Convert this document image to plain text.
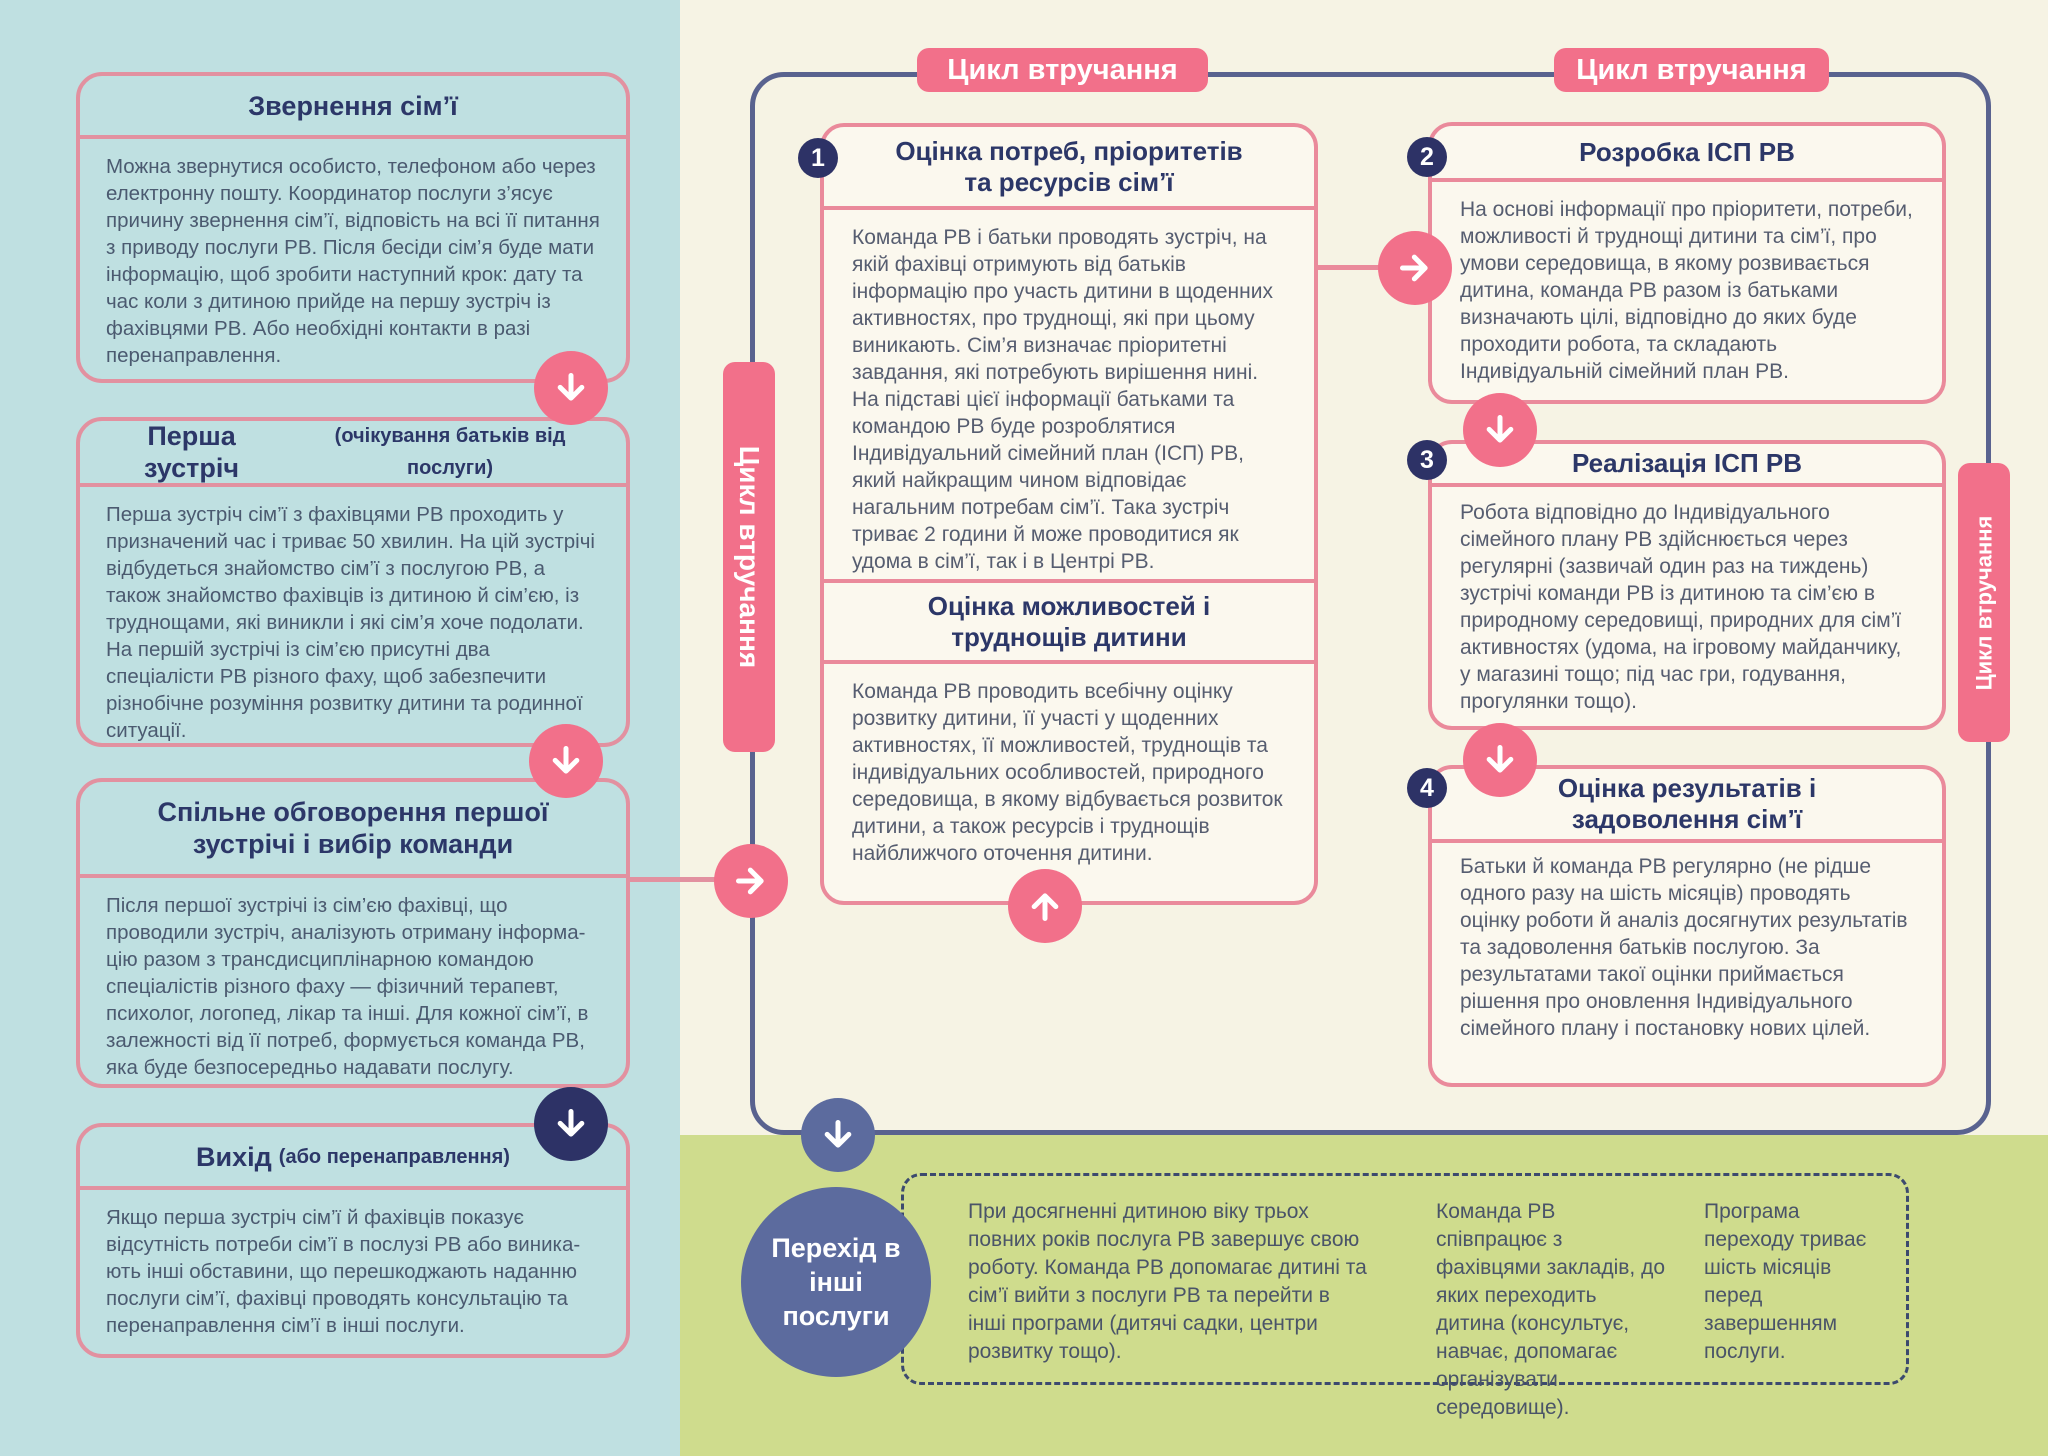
Звернення сім’ї
Можна звернутися особисто, телефоном або через електронну пошту. Координатор послуги з’ясує причину звернення сім’ї, відповість на всі її питання з приводу послуги РВ. Після бесіди сім’я буде мати інформацію, щоб зробити наступний крок: дату та час коли з дитиною прийде на першу зустріч із фахівцями РВ. Або необхідні контакти в разі перенаправлення.
Перша зустріч
(очікування батьків від послуги)
Перша зустріч сім’ї з фахівцями РВ проходить у призначений час і триває 50 хвилин. На цій зустрічі відбудеться знайомство сім’ї з послугою РВ, а також знайомство фахівців із дитиною й сім’єю, із труднощами, які виникли і які сім’я хоче подолати. На першій зустрічі із сім’єю присутні два спеціалісти РВ різного фаху, щоб забезпечити різнобічне розуміння розвитку дитини та родинної ситуації.
Спільне обговорення першої зустрічі і вибір команди
Після першої зустрічі із сім’єю фахівці, що проводили зустріч, аналізують отриману інформа-цію разом з трансдисциплінарною командою спеціалістів різного фаху — фізичний терапевт, психолог, логопед, лікар та інші. Для кожної сім’ї, в залежності від її потреб, формується команда РВ, яка буде безпосередньо надавати послугу.
Вихід (або перенаправлення)
Якщо перша зустріч сім’ї й фахівців показує відсутність потреби сім’ї в послузі РВ або виника-ють інші обставини, що перешкоджають наданню послуги сім’ї, фахівці проводять консультацію та перенаправлення сім’ї в інші послуги.
Цикл втручання	Цикл втручання
Цикл втручання	Цикл втручання
Оцінка потреб, пріоритетів та ресурсів сім’ї
Команда РВ і батьки проводять зустріч, на якій фахівці отримують від батьків інформацію про участь дитини в щоденних активностях, про труднощі, які при цьому виникають. Сім’я визначає пріоритетні завдання, які потребують вирішення нині. На підставі цієї інформації батьками та командою РВ буде розроблятися Індивідуальний сімейний план (ІСП) РВ, який найкращим чином відповідає нагальним потребам сім’ї. Така зустріч триває 2 години й може проводитися як удома в сім’ї, так і в Центрі РВ.
Оцінка можливостей і труднощів дитини
Команда РВ проводить всебічну оцінку розвитку дитини, її участі у щоденних активностях, її можливостей, труднощів та індивідуальних особливостей, природного середовища, в якому відбувається розвиток дитини, а також ресурсів і труднощів найближчого оточення дитини.
Розробка ІСП РВ
На основі інформації про пріоритети, потреби, можливості й труднощі дитини та сім’ї, про умови середовища, в якому розвивається дитина, команда РВ разом із батьками визначають цілі, відповідно до яких буде проходити робота, та складають Індивідуальній сімейний план РВ.
Реалізація ІСП РВ
Робота відповідно до Індивідуального сімейного плану РВ здійснюється через регулярні (зазвичай один раз на тиждень) зустрічі команди РВ із дитиною та сім’єю в природному середовищі, природних для сім’ї активностях (удома, на ігровому майданчику, у магазині тощо; під час гри, годування, прогулянки тощо).
Оцінка результатів і задоволення сім’ї
Батьки й команда РВ регулярно (не рідше одного разу на шість місяців) проводять оцінку роботи й аналіз досягнутих результатів та задоволення батьків послугою. За результатами такої оцінки приймається рішення про оновлення Індивідуального сімейного плану і постановку нових цілей.
1	2
3
4
При досягненні дитиною віку трьох повних років послуга РВ завершує свою роботу. Команда РВ допомагає дитині та сім’ї вийти з послуги РВ та перейти в інші програми (дитячі садки, центри розвитку тощо).
Команда РВ співпрацює з фахівцями закладів, до яких переходить дитина (консультує, навчає, допомагає організувати середовище).
Програма переходу триває шість місяців перед завершенням послуги.
Перехід в інші послуги
